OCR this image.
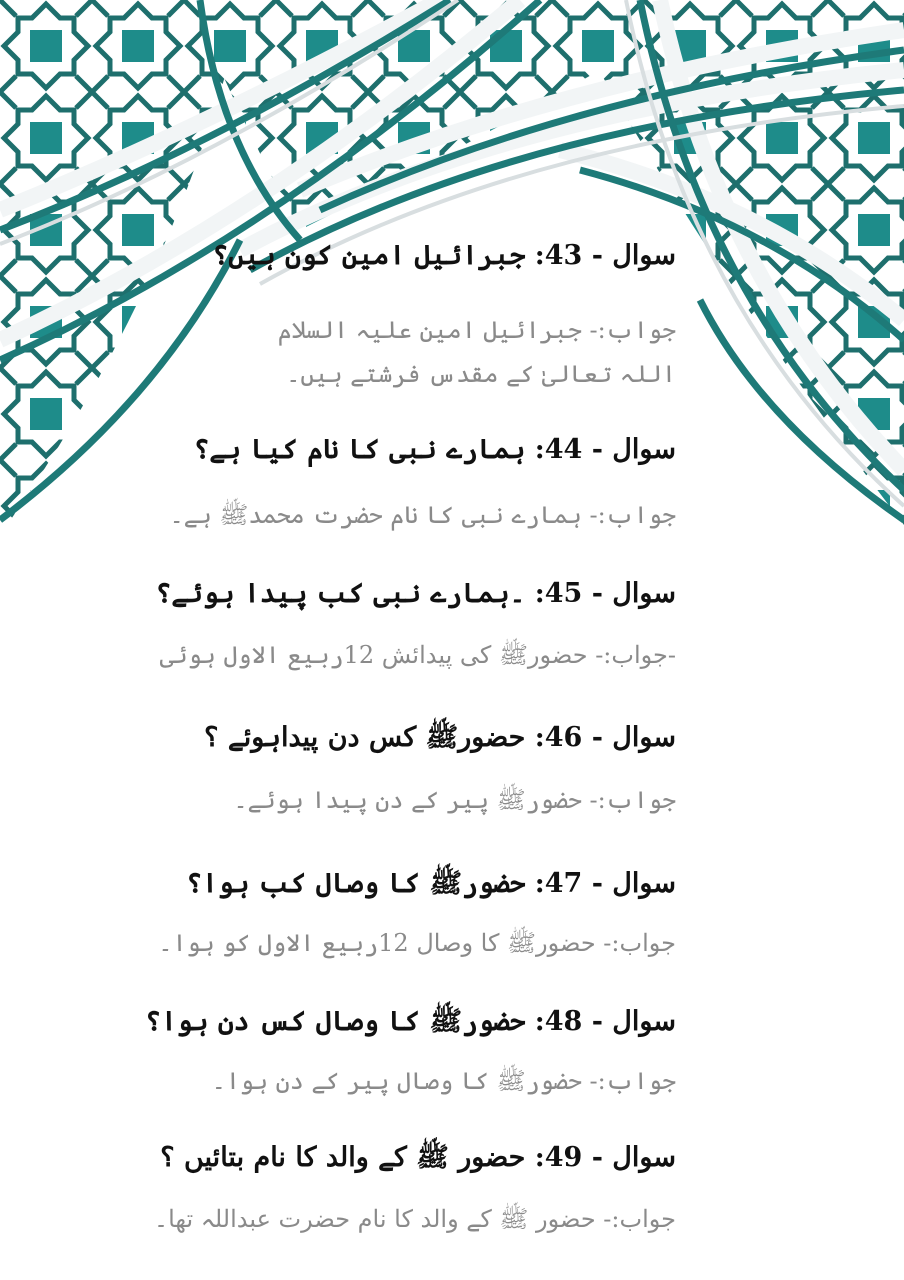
سوال - 43: جبرائیل امین کون ہیں؟
جواب:- جبرائیل امین علیہ السلام اللہ تعالیٰ کے مقدس فرشتے ہیں۔
سوال - 44: ہمارے نبی کا نام کیا ہے؟
جواب:- ہمارے نبی کا نام حضرت محمدﷺ ہے۔
سوال - 45: ۔ہمارے نبی کب پیدا ہوئے؟
-جواب:- حضورﷺ کی پیدائش 12ربیع الاول ہوئی
سوال - 46: حضورﷺ کس دن پیداہوئے ؟
جواب:- حضورﷺ پیر کے دن پیدا ہوئے۔
سوال - 47: حضورﷺ کا وصال کب ہوا؟
جواب:- حضورﷺ کا وصال 12ربیع الاول کو ہوا۔
سوال - 48: حضورﷺ کا وصال کس دن ہوا؟
جواب:- حضورﷺ کا وصال پیر کے دن ہوا۔
سوال - 49: حضور ﷺ کے والد کا نام بتائیں ؟
جواب:- حضور ﷺ کے والد کا نام حضرت عبداللہ تھا۔
